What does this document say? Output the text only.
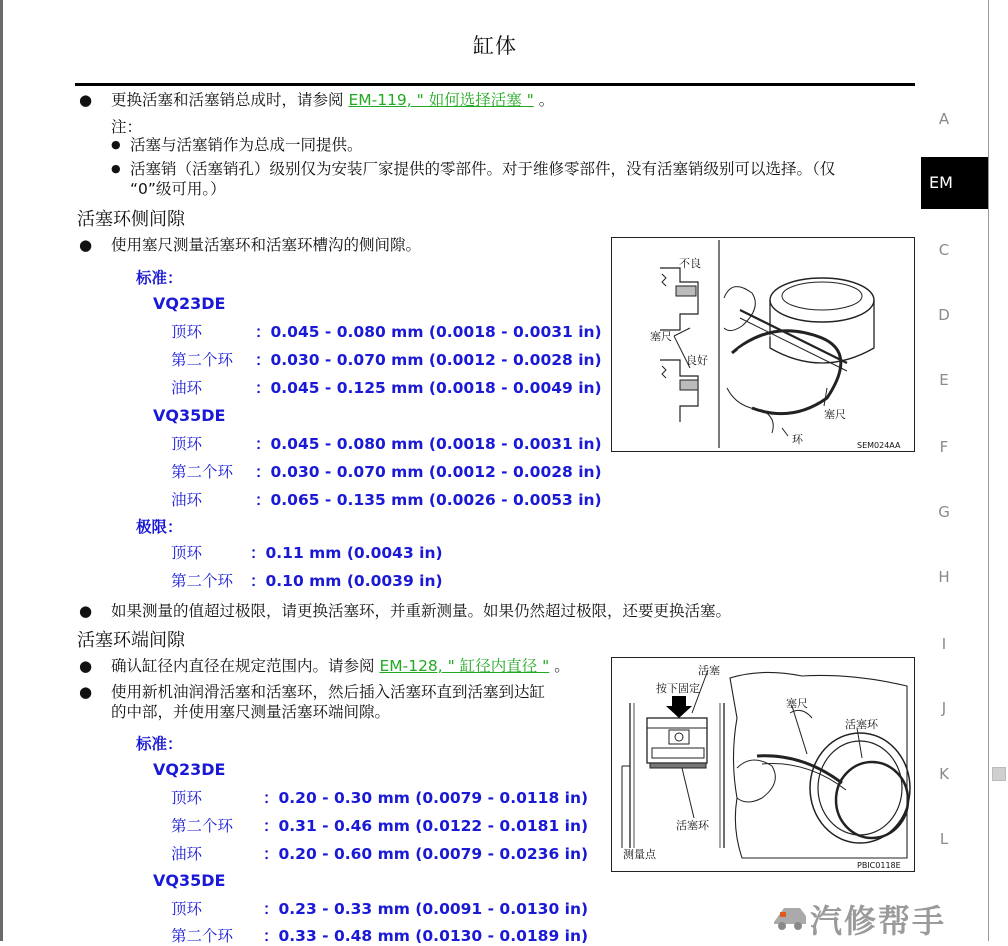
缸体
● 更换活塞和活塞销总成时，请参阅 EM-119, " 如何选择活塞 " 。
注：
● 活塞与活塞销作为总成一同提供。
● 活塞销（活塞销孔）级别仅为安装厂家提供的零部件。对于维修零部件，没有活塞销级别可以选择。（仅
“0”级可用。）
活塞环侧间隙
● 使用塞尺测量活塞环和活塞环槽沟的侧间隙。
标准：
VQ23DE
顶环	：0.045 - 0.080 mm (0.0018 - 0.0031 in)
第二个环 ：0.030 - 0.070 mm (0.0012 - 0.0028 in)
油环	：0.045 - 0.125 mm (0.0018 - 0.0049 in)
VQ35DE
顶环	：0.045 - 0.080 mm (0.0018 - 0.0031 in)
第二个环 ：0.030 - 0.070 mm (0.0012 - 0.0028 in)
油环	：0.065 - 0.135 mm (0.0026 - 0.0053 in)
极限：
顶环	：0.11 mm (0.0043 in)
第二个环 ：0.10 mm (0.0039 in)
● 如果测量的值超过极限，请更换活塞环，并重新测量。如果仍然超过极限，还要更换活塞。
不良
塞尺
良好
塞尺
环	SEM024AA
活塞环端间隙
● 确认缸径内直径在规定范围内。请参阅 EM-128, " 缸径内直径 " 。
● 使用新机油润滑活塞和活塞环，然后插入活塞环直到活塞到达缸
的中部，并使用塞尺测量活塞环端间隙。
标准：
VQ23DE
顶环	：0.20 - 0.30 mm (0.0079 - 0.0118 in)
第二个环 ：0.31 - 0.46 mm (0.0122 - 0.0181 in)
油环	：0.20 - 0.60 mm (0.0079 - 0.0236 in)
VQ35DE
顶环	：0.23 - 0.33 mm (0.0091 - 0.0130 in)
第二个环 ：0.33 - 0.48 mm (0.0130 - 0.0189 in)
活塞
按下固定
塞尺
活塞环
活塞环
测量点
PBIC0118E
A
EM
C
D
E
F
G
H
I
J
K
L
汽修帮手
